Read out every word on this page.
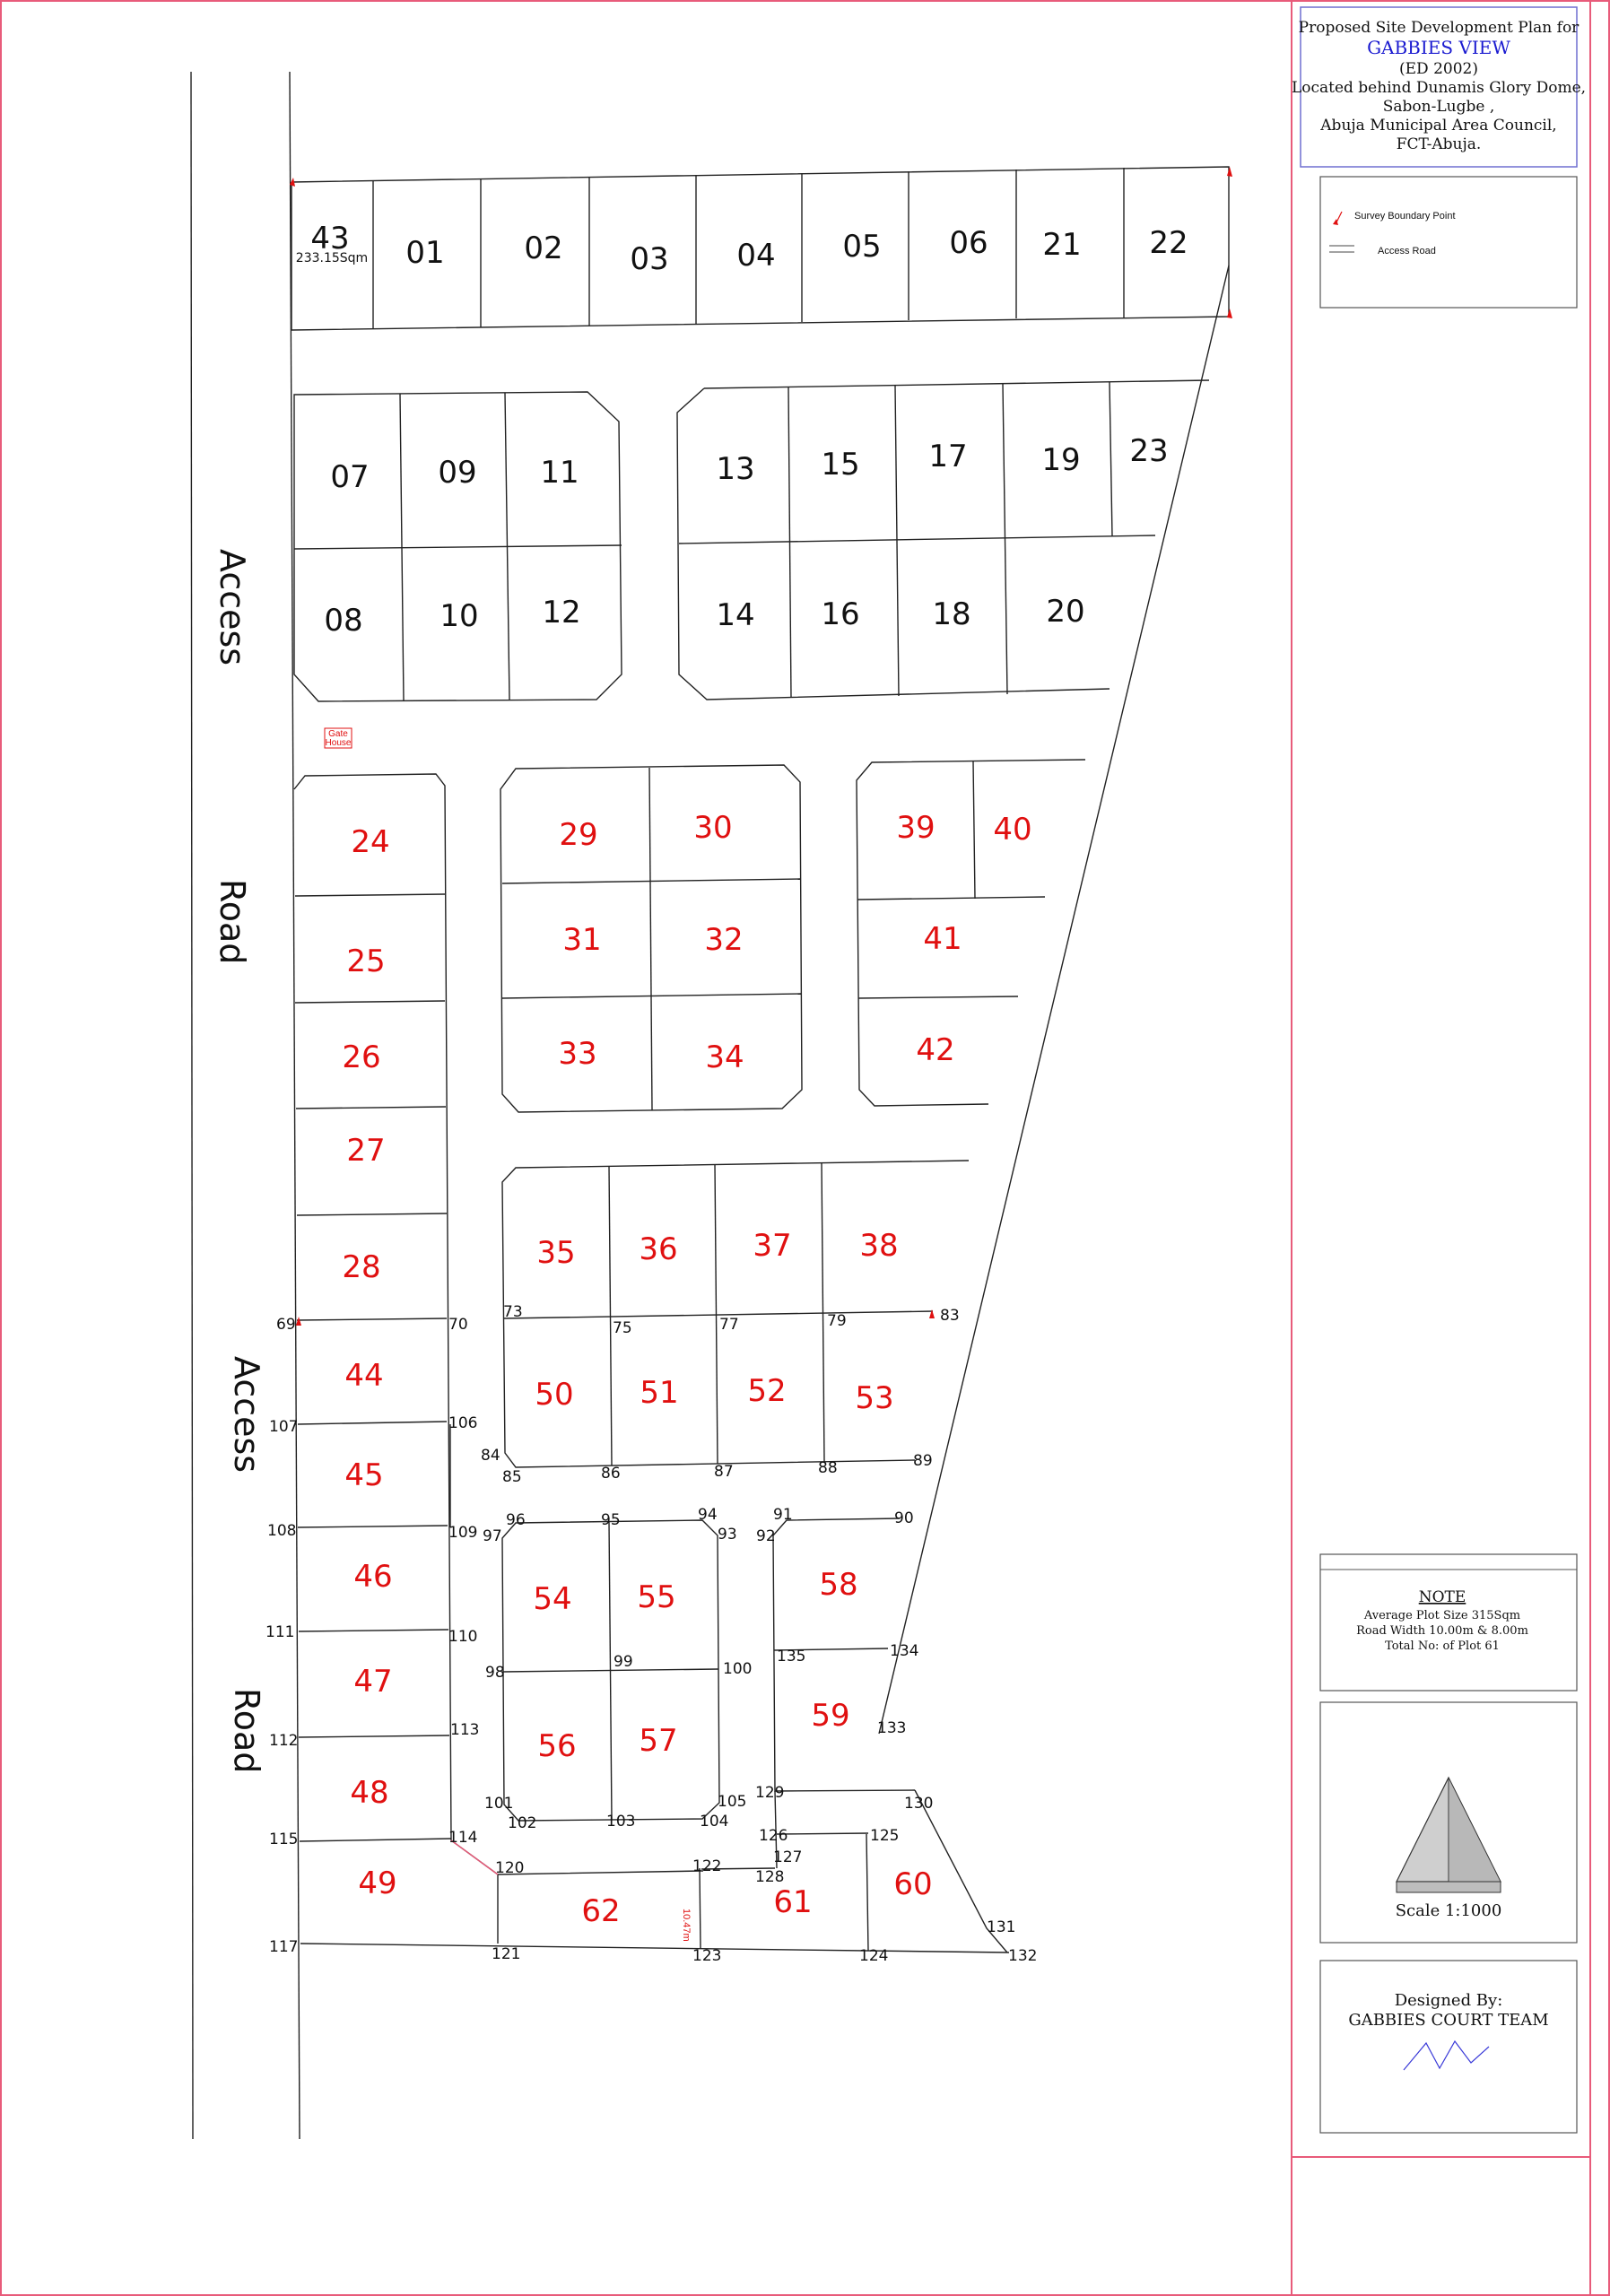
Proposed Site Development Plan for
GABBIES VIEW
(ED 2002)
Located behind Dunamis Glory Dome,
Sabon-Lugbe ,
Abuja Municipal Area Council,
FCT-Abuja.
Survey Boundary Point
Access Road
NOTE
Average Plot Size 315Sqm
Road Width 10.00m & 8.00m
Total No: of Plot 61
Scale 1:1000
Designed By:
GABBIES COURT TEAM
Access
Road
Access
Road
Gate
House
10.47m
233.15Sqm
43 01	02 03 04 05 06 21 22
07 09 11	13 15 17 19 23
08	10 12	14 16 18 20
24
25
26
27
28
29	30
31	32
33	34
39 40
41
42
35 36 37 38
44
45
46
47
48
49
50 51 52 53
54 55
56 57
58
59
60
61
62
69	70
73
75	77	79	83
107	106
84
85	86	87	88	89
96	95	94
93
91	90
97	92
108	109
111	110
98
99	100
135	134
133
112
113
101
102	103	104
105 129
130
115	114	126	125
120	122	127
128
131
117	121	123	124	132
